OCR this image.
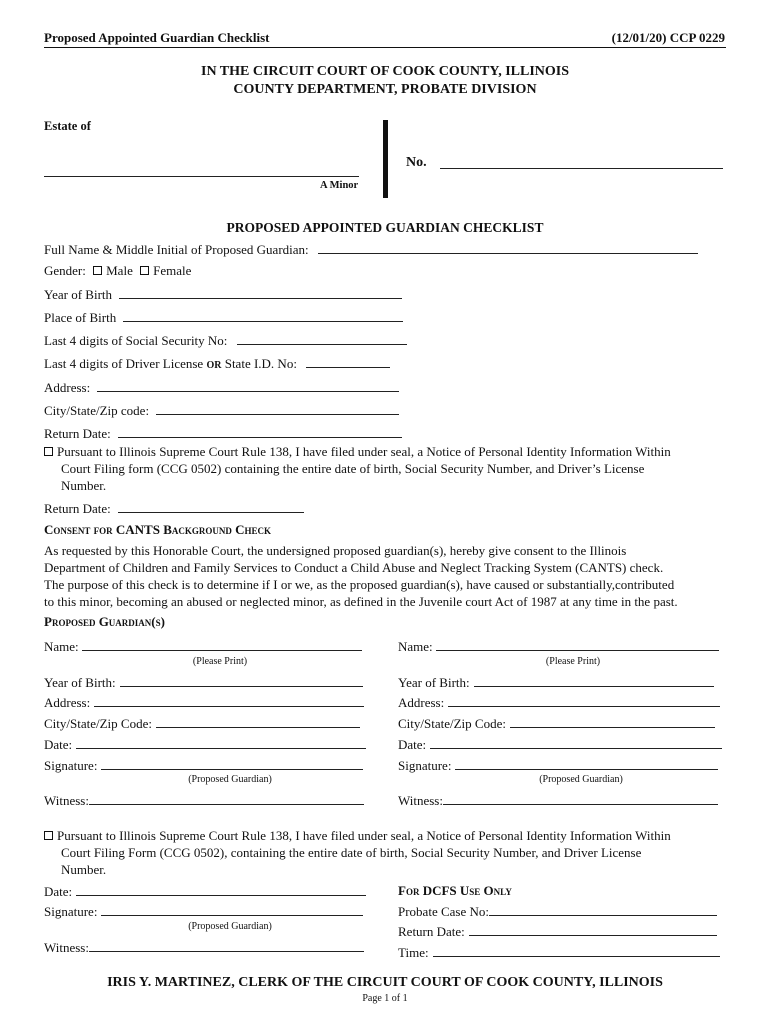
Proposed Appointed Guardian Checklist	(12/01/20) CCP 0229
IN THE CIRCUIT COURT OF COOK COUNTY, ILLINOIS
COUNTY DEPARTMENT, PROBATE DIVISION
Estate of
A Minor
No.
PROPOSED APPOINTED GUARDIAN CHECKLIST
Full Name & Middle Initial of Proposed Guardian:
Gender: Male Female
Year of Birth
Place of Birth
Last 4 digits of Social Security No:
Last 4 digits of Driver License OR State I.D. No:
Address:
City/State/Zip code:
Return Date:
Pursuant to Illinois Supreme Court Rule 138, I have filed under seal, a Notice of Personal Identity Information Within
Court Filing form (CCG 0502) containing the entire date of birth, Social Security Number, and Driver’s License
Number.
Return Date:
Consent for CANTS Background Check
As requested by this Honorable Court, the undersigned proposed guardian(s), hereby give consent to the Illinois
Department of Children and Family Services to Conduct a Child Abuse and Neglect Tracking System (CANTS) check.
The purpose of this check is to determine if I or we, as the proposed guardian(s), have caused or substantially,contributed
to this minor, becoming an abused or neglected minor, as defined in the Juvenile court Act of 1987 at any time in the past.
Proposed Guardian(s)
Name:
(Please Print)
Year of Birth:
Address:
City/State/Zip Code:
Date:
Signature:
(Proposed Guardian)
Witness:
Name:
(Please Print)
Year of Birth:
Address:
City/State/Zip Code:
Date:
Signature:
(Proposed Guardian)
Witness:
Pursuant to Illinois Supreme Court Rule 138, I have filed under seal, a Notice of Personal Identity Information Within
Court Filing Form (CCG 0502), containing the entire date of birth, Social Security Number, and Driver License
Number.
Date:
Signature:
(Proposed Guardian)
Witness:
For DCFS Use Only
Probate Case No:
Return Date:
Time:
IRIS Y. MARTINEZ, CLERK OF THE CIRCUIT COURT OF COOK COUNTY, ILLINOIS
Page 1 of 1
